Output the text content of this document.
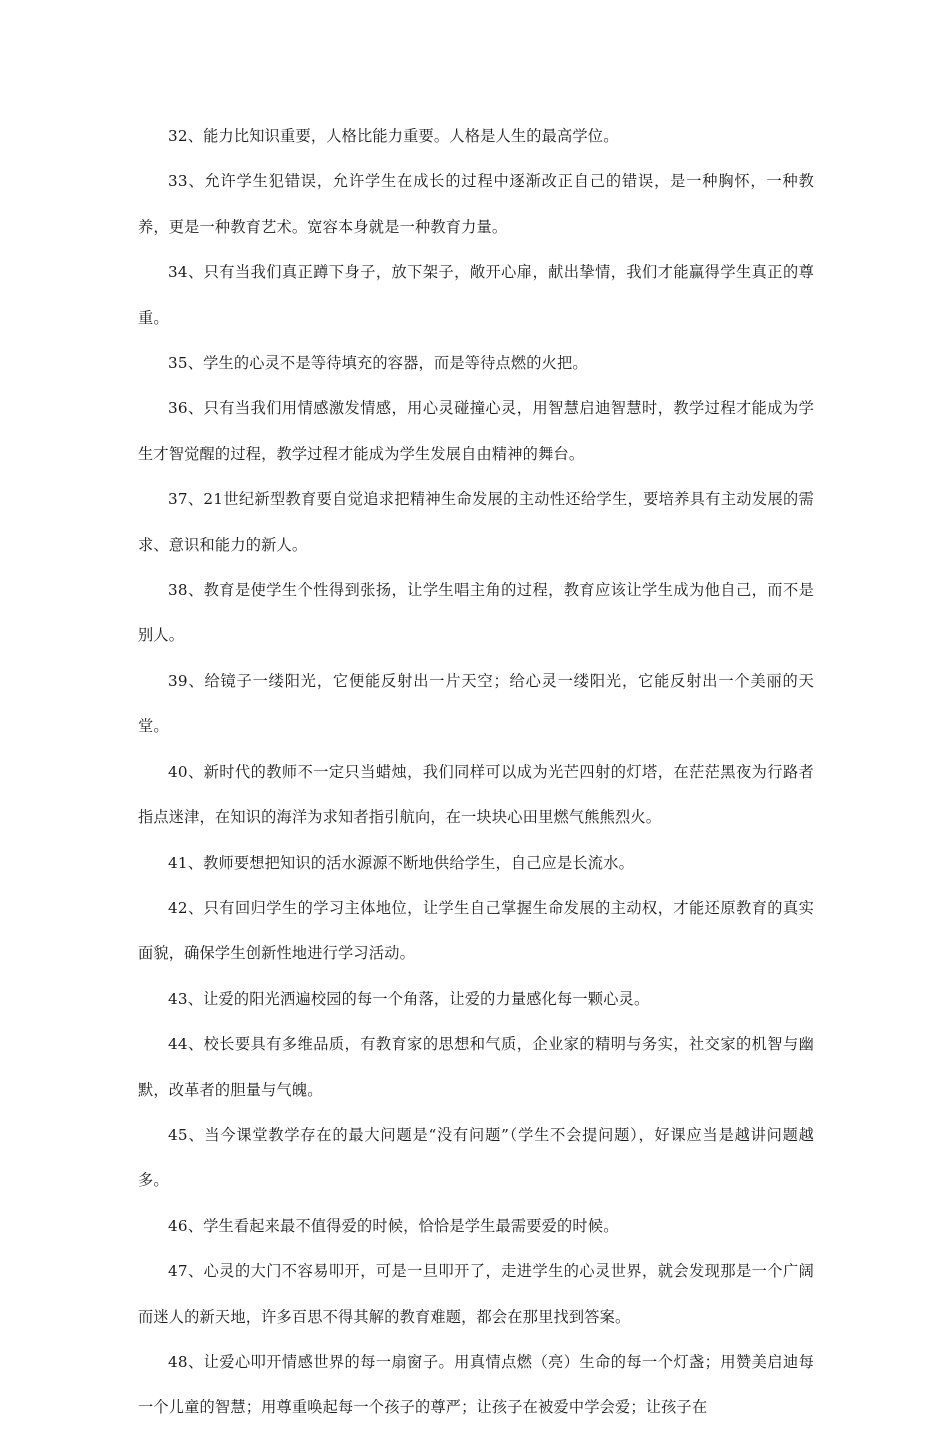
32、能力比知识重要，人格比能力重要。人格是人生的最高学位。

33、允许学生犯错误，允许学生在成长的过程中逐渐改正自己的错误，是一种胸怀，一种教养，更是一种教育艺术。宽容本身就是一种教育力量。

34、只有当我们真正蹲下身子，放下架子，敞开心扉，献出挚情，我们才能赢得学生真正的尊重。

35、学生的心灵不是等待填充的容器，而是等待点燃的火把。

36、只有当我们用情感激发情感，用心灵碰撞心灵，用智慧启迪智慧时，教学过程才能成为学生才智觉醒的过程，教学过程才能成为学生发展自由精神的舞台。

37、21世纪新型教育要自觉追求把精神生命发展的主动性还给学生，要培养具有主动发展的需求、意识和能力的新人。

38、教育是使学生个性得到张扬，让学生唱主角的过程，教育应该让学生成为他自己，而不是别人。

39、给镜子一缕阳光，它便能反射出一片天空；给心灵一缕阳光，它能反射出一个美丽的天堂。

40、新时代的教师不一定只当蜡烛，我们同样可以成为光芒四射的灯塔，在茫茫黑夜为行路者指点迷津，在知识的海洋为求知者指引航向，在一块块心田里燃气熊熊烈火。

41、教师要想把知识的活水源源不断地供给学生，自己应是长流水。

42、只有回归学生的学习主体地位，让学生自己掌握生命发展的主动权，才能还原教育的真实面貌，确保学生创新性地进行学习活动。

43、让爱的阳光洒遍校园的每一个角落，让爱的力量感化每一颗心灵。

44、校长要具有多维品质，有教育家的思想和气质，企业家的精明与务实，社交家的机智与幽默，改革者的胆量与气魄。

45、当今课堂教学存在的最大问题是“没有问题”（学生不会提问题），好课应当是越讲问题越多。

46、学生看起来最不值得爱的时候，恰恰是学生最需要爱的时候。

47、心灵的大门不容易叩开，可是一旦叩开了，走进学生的心灵世界，就会发现那是一个广阔而迷人的新天地，许多百思不得其解的教育难题，都会在那里找到答案。

48、让爱心叩开情感世界的每一扇窗子。用真情点燃（亮）生命的每一个灯盏；用赞美启迪每一个儿童的智慧；用尊重唤起每一个孩子的尊严；让孩子在被爱中学会爱；让孩子在
